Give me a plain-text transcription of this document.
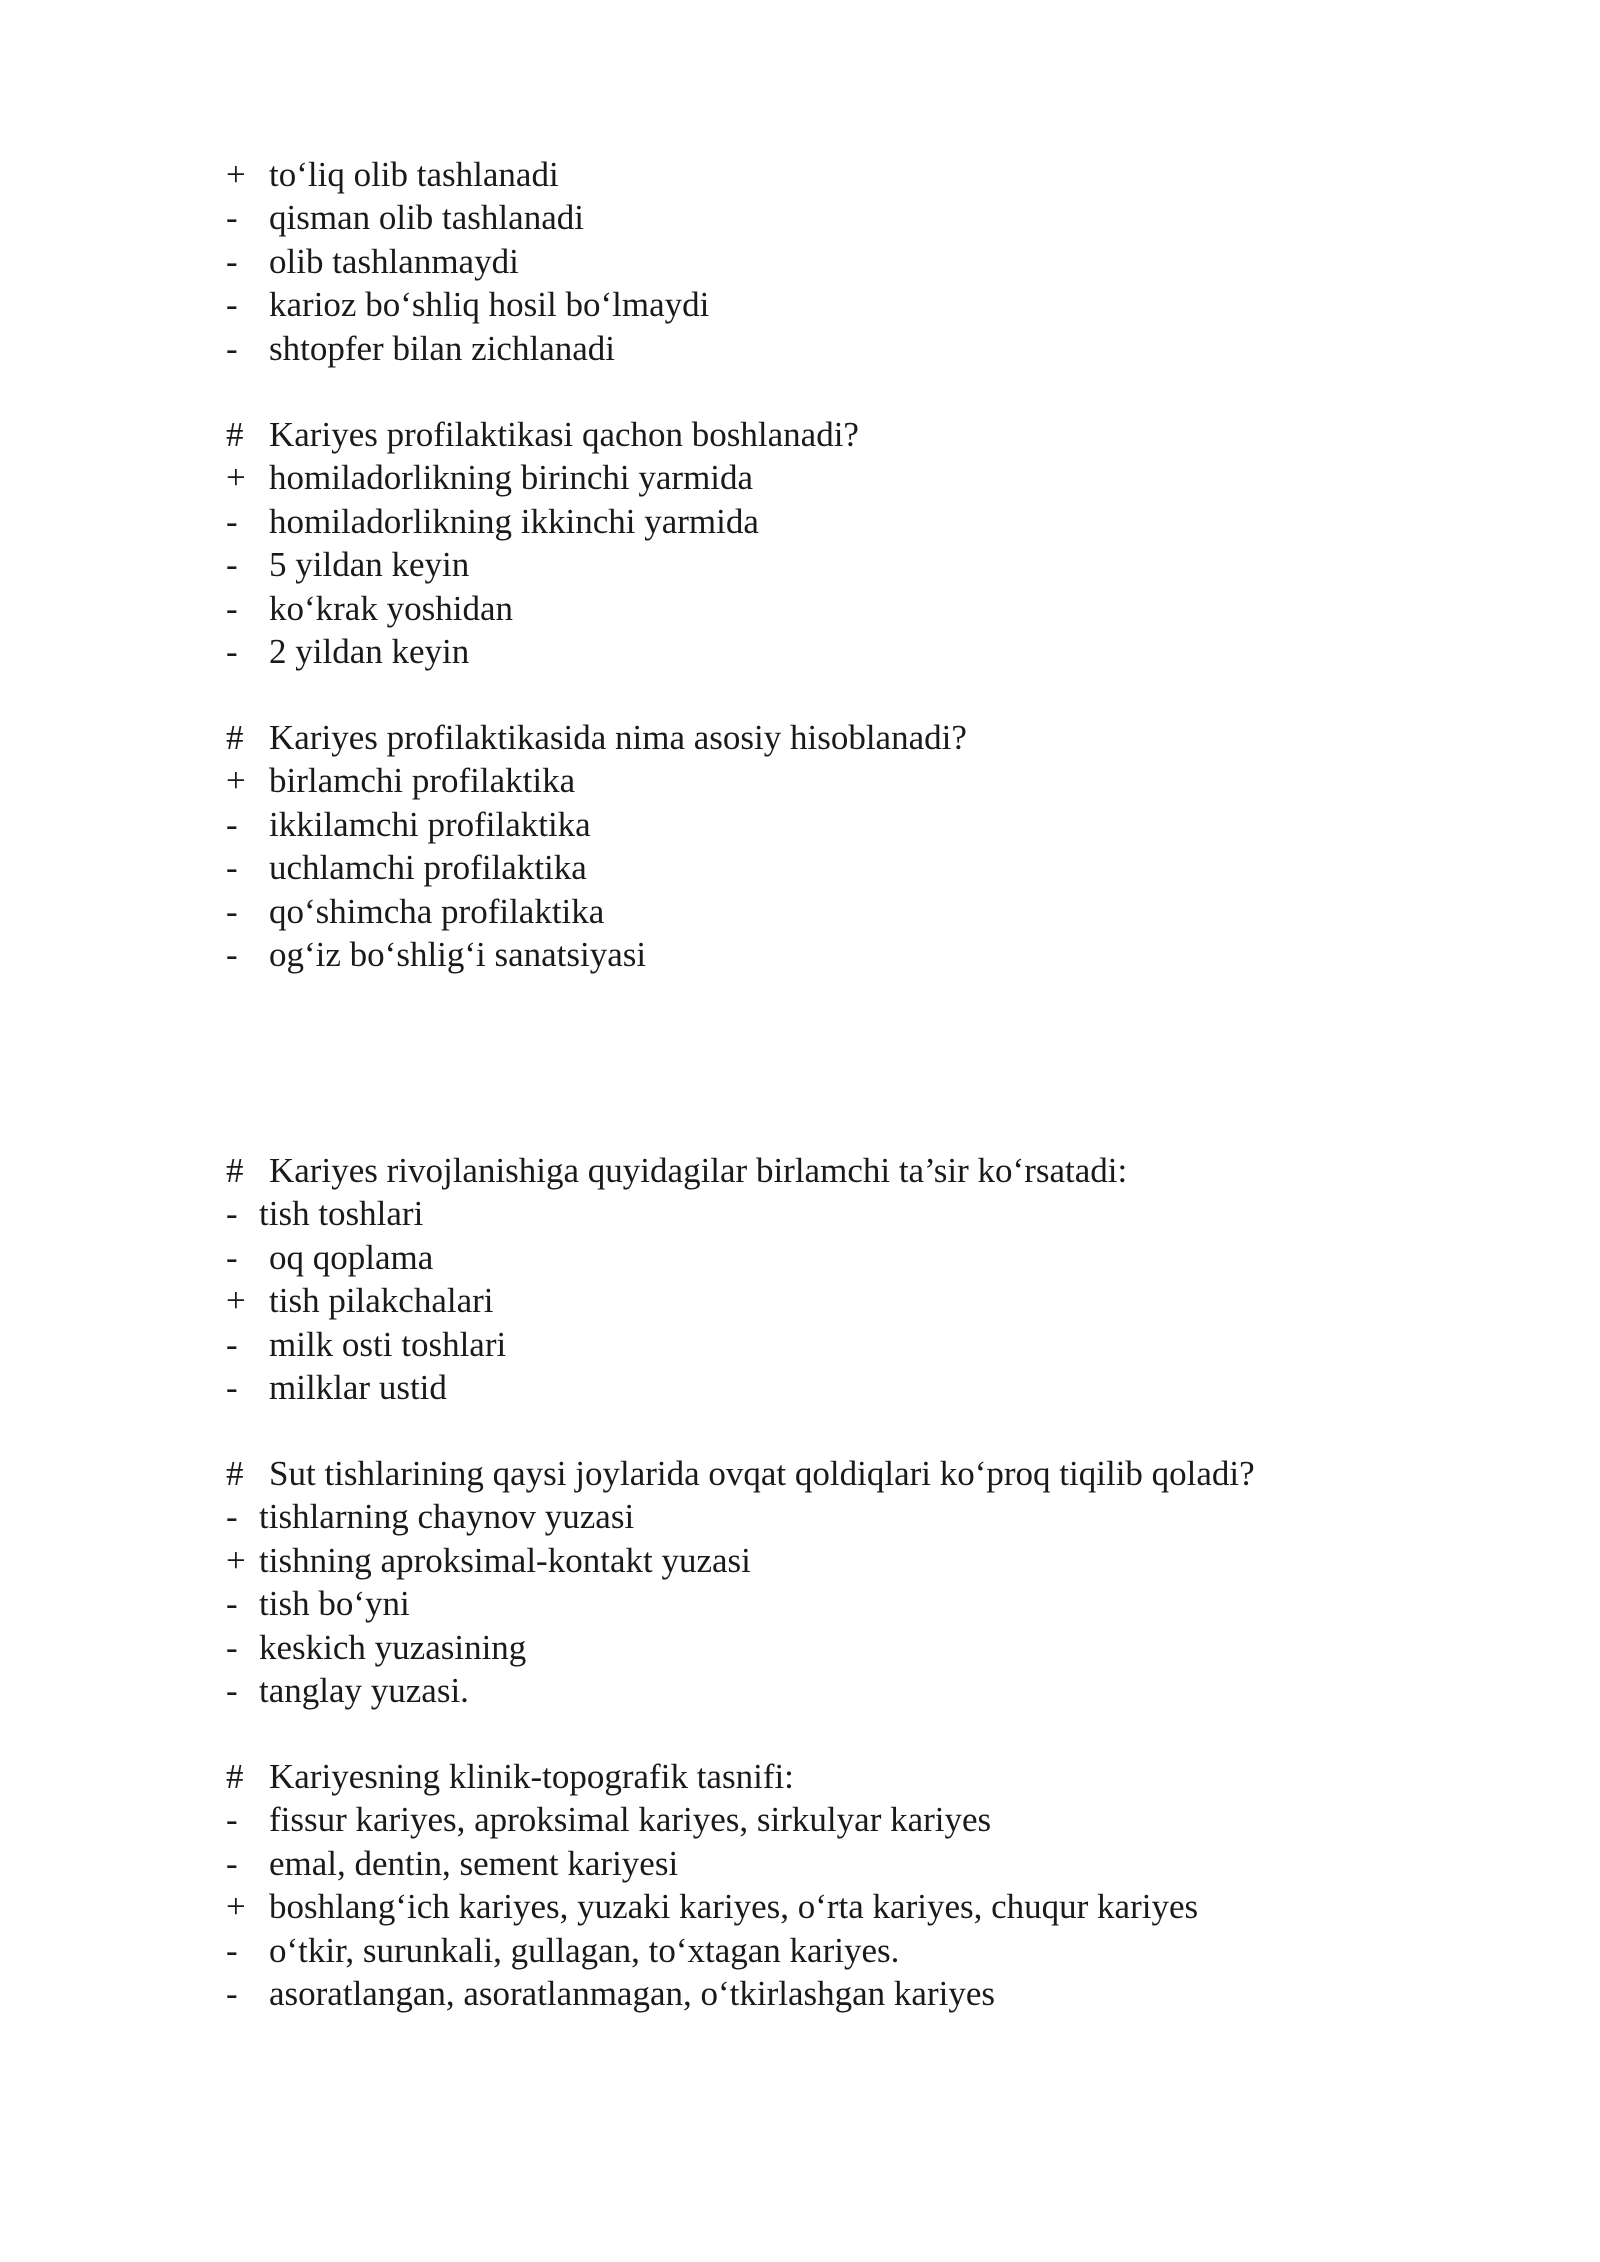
+ to‘liq olib tashlanadi
- qisman olib tashlanadi
- olib tashlanmaydi
- karioz bo‘shliq hosil bo‘lmaydi
- shtopfer bilan zichlanadi
# Kariyes profilaktikasi qachon boshlanadi?
+ homiladorlikning birinchi yarmida
- homiladorlikning ikkinchi yarmida
- 5 yildan keyin
- ko‘krak yoshidan
- 2 yildan keyin
# Kariyes profilaktikasida nima asosiy hisoblanadi?
+ birlamchi profilaktika
- ikkilamchi profilaktika
- uchlamchi profilaktika
- qo‘shimcha profilaktika
- og‘iz bo‘shlig‘i sanatsiyasi
# Kariyes rivojlanishiga quyidagilar birlamchi ta’sir ko‘rsatadi:
- tish toshlari
- oq qoplama
+ tish pilakchalari
- milk osti toshlari
- milklar ustid
# Sut tishlarining qaysi joylarida ovqat qoldiqlari ko‘proq tiqilib qoladi?
- tishlarning chaynov yuzasi
+ tishning aproksimal-kontakt yuzasi
- tish bo‘yni
- keskich yuzasining
- tanglay yuzasi.
# Kariyesning klinik-topografik tasnifi:
- fissur kariyes, aproksimal kariyes, sirkulyar kariyes
- emal, dentin, sement kariyesi
+ boshlang‘ich kariyes, yuzaki kariyes, o‘rta kariyes, chuqur kariyes
- o‘tkir, surunkali, gullagan, to‘xtagan kariyes.
- asoratlangan, asoratlanmagan, o‘tkirlashgan kariyes
